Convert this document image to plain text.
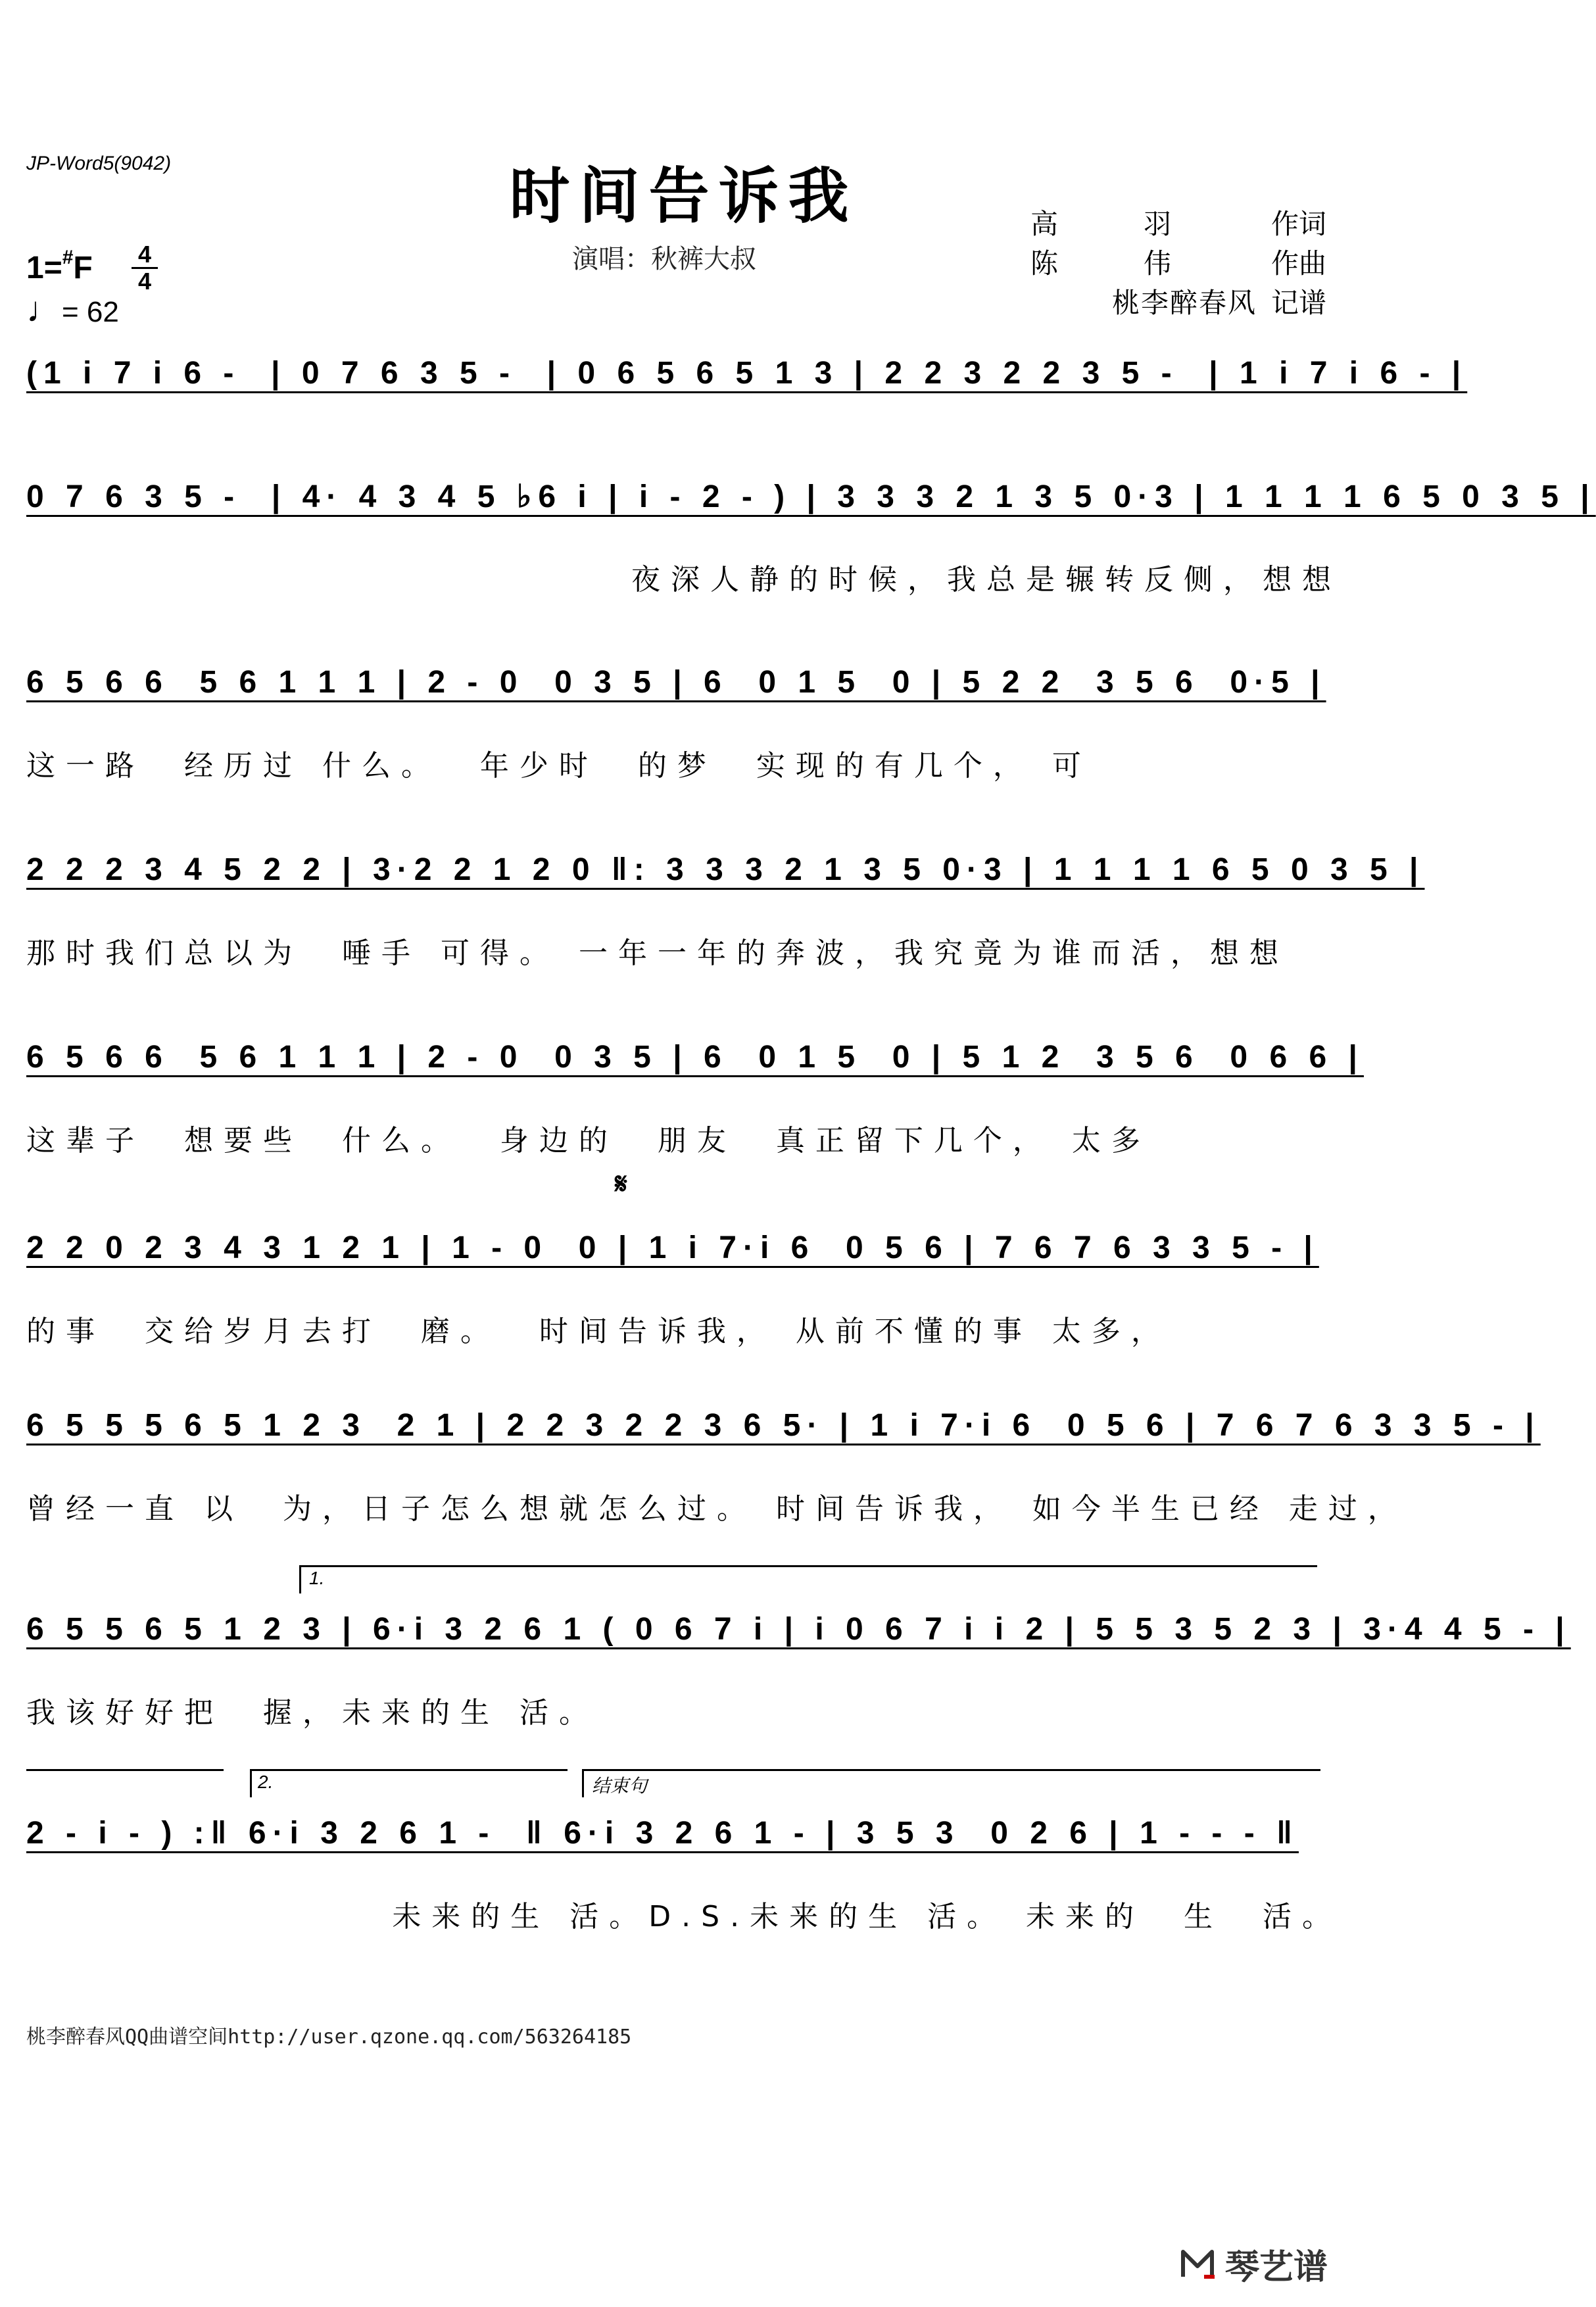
JP-Word5(9042)	时间告诉我
演唱：秋裤大叔
高羽 作词
陈伟 作曲
桃李醉春风 记谱
$1=^{\#}F \frac{4}{4}$
♩= 62
𝄋
(1 i 7 i 6 -  | 0 7 6 3 5 -  | 0 6 5 6 5 1 3 | 2 2 3 2 2 3 5 -  | 1 i 7 i 6 - |
0 7 6 3 5 -  | 4· 4 3 4 5 ♭6 i | i - 2 - ) | 3 3 3 2 1 3 5 0·3 | 1 1 1 1 6 5 0 3 5 |
夜深人静的时候，我总是辗转反侧，想想
6 5 6 6  5 6 1 1 1 | 2 - 0  0 3 5 | 6  0 1 5  0 | 5 2 2  3 5 6  0·5 |
这一路  经历过 什么。  年少时  的梦  实现的有几个， 可
2 2 2 3 4 5 2 2 | 3·2 2 1 2 0 ‖: 3 3 3 2 1 3 5 0·3 | 1 1 1 1 6 5 0 3 5 |
那时我们总以为  唾手 可得。 一年一年的奔波，我究竟为谁而活，想想
6 5 6 6  5 6 1 1 1 | 2 - 0  0 3 5 | 6  0 1 5  0 | 5 1 2  3 5 6  0 6 6 |
这辈子  想要些  什么。  身边的  朋友  真正留下几个， 太多
2 2 0 2 3 4 3 1 2 1 | 1 - 0  0 | 1 i 7·i 6  0 5 6 | 7 6 7 6 3 3 5 - |
的事  交给岁月去打  磨。  时间告诉我， 从前不懂的事 太多，
6 5 5 5 6 5 1 2 3  2 1 | 2 2 3 2 2 3 6 5· | 1 i 7·i 6  0 5 6 | 7 6 7 6 3 3 5 - |
曾经一直 以  为，日子怎么想就怎么过。 时间告诉我， 如今半生已经 走过，
1.
6 5 5 6 5 1 2 3 | 6·i 3 2 6 1 ( 0 6 7 i | i 0 6 7 i i 2 | 5 5 3 5 2 3 | 3·4 4 5 - |
我该好好把  握，未来的生 活。
2.	结束句
2 - i - ) :‖ 6·i 3 2 6 1 -  ‖ 6·i 3 2 6 1 - | 3 5 3  0 2 6 | 1 - - - ‖
未来的生 活。D.S.未来的生 活。 未来的  生  活。
桃李醉春风QQ曲谱空间http://user.qzone.qq.com/563264185
琴艺谱
